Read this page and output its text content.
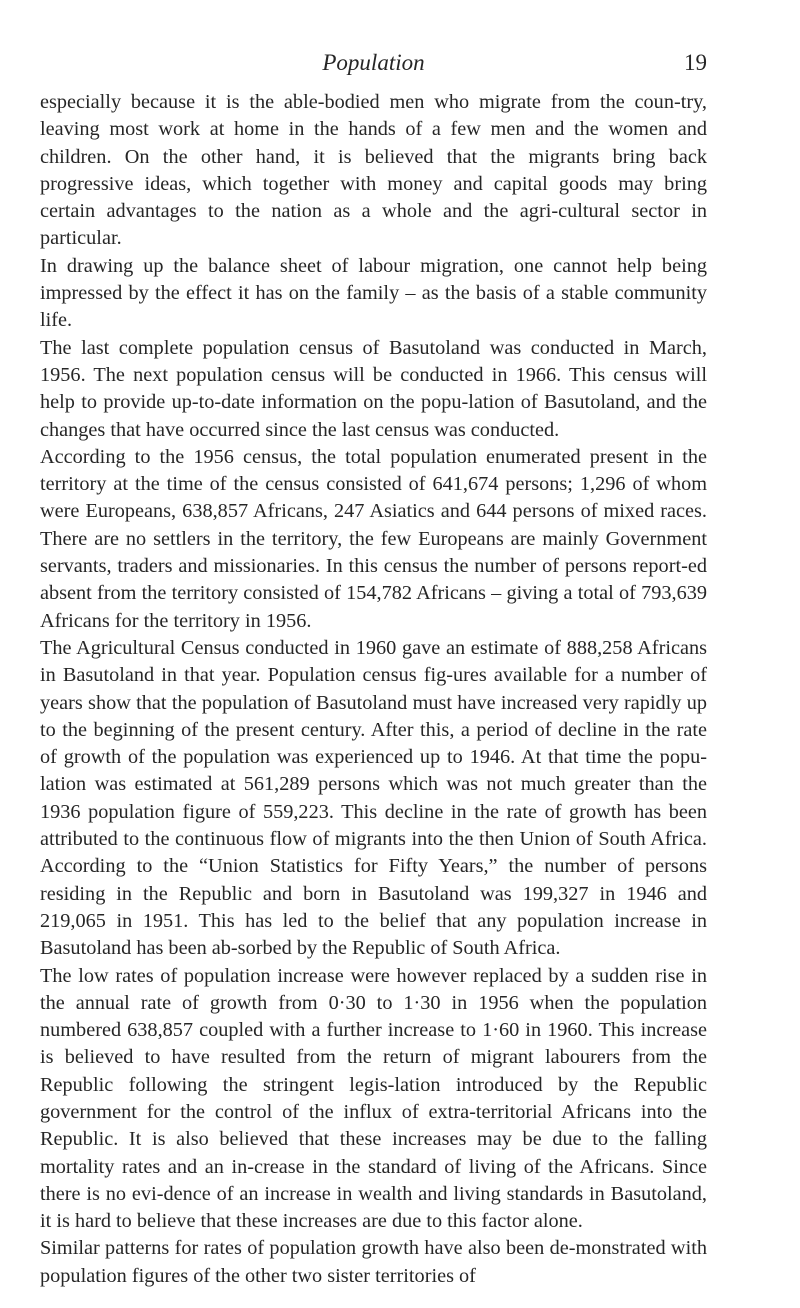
Population	19

especially because it is the able-bodied men who migrate from the coun-try, leaving most work at home in the hands of a few men and the women and children. On the other hand, it is believed that the migrants bring back progressive ideas, which together with money and capital goods may bring certain advantages to the nation as a whole and the agri-cultural sector in particular.

In drawing up the balance sheet of labour migration, one cannot help being impressed by the effect it has on the family – as the basis of a stable community life.

The last complete population census of Basutoland was conducted in March, 1956. The next population census will be conducted in 1966. This census will help to provide up-to-date information on the popu-lation of Basutoland, and the changes that have occurred since the last census was conducted.

According to the 1956 census, the total population enumerated present in the territory at the time of the census consisted of 641,674 persons; 1,296 of whom were Europeans, 638,857 Africans, 247 Asiatics and 644 persons of mixed races. There are no settlers in the territory, the few Europeans are mainly Government servants, traders and missionaries. In this census the number of persons report-ed absent from the territory consisted of 154,782 Africans – giving a total of 793,639 Africans for the territory in 1956.

The Agricultural Census conducted in 1960 gave an estimate of 888,258 Africans in Basutoland in that year. Population census fig-ures available for a number of years show that the population of Basutoland must have increased very rapidly up to the beginning of the present century. After this, a period of decline in the rate of growth of the population was experienced up to 1946. At that time the popu-lation was estimated at 561,289 persons which was not much greater than the 1936 population figure of 559,223. This decline in the rate of growth has been attributed to the continuous flow of migrants into the then Union of South Africa. According to the “Union Statistics for Fifty Years,” the number of persons residing in the Republic and born in Basutoland was 199,327 in 1946 and 219,065 in 1951. This has led to the belief that any population increase in Basutoland has been ab-sorbed by the Republic of South Africa.

The low rates of population increase were however replaced by a sudden rise in the annual rate of growth from 0·30 to 1·30 in 1956 when the population numbered 638,857 coupled with a further increase to 1·60 in 1960. This increase is believed to have resulted from the return of migrant labourers from the Republic following the stringent legis-lation introduced by the Republic government for the control of the influx of extra-territorial Africans into the Republic. It is also believed that these increases may be due to the falling mortality rates and an in-crease in the standard of living of the Africans. Since there is no evi-dence of an increase in wealth and living standards in Basutoland, it is hard to believe that these increases are due to this factor alone.

Similar patterns for rates of population growth have also been de-monstrated with population figures of the other two sister territories of
